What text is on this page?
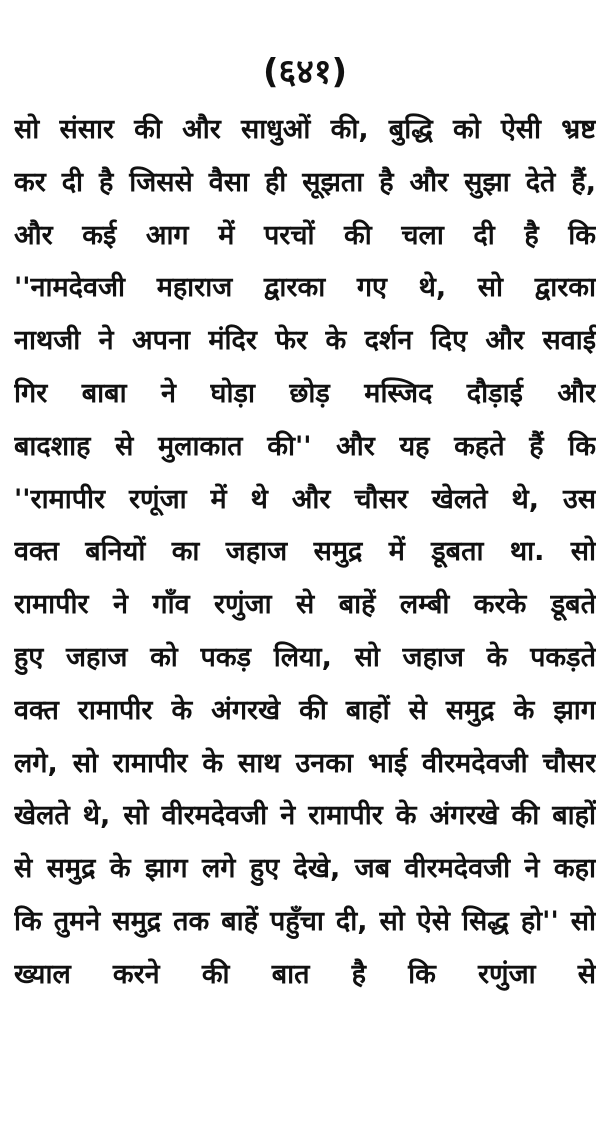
(६४१)
सो संसार की और साधुओं की, बुद्धि को ऐसी भ्रष्ट
कर दी है जिससे वैसा ही सूझता है और सुझा देते हैं,
और कई आग में परचों की चला दी है कि
''नामदेवजी महाराज द्वारका गए थे, सो द्वारका
नाथजी ने अपना मंदिर फेर के दर्शन दिए और सवाई
गिर बाबा ने घोड़ा छोड़ मस्जिद दौड़ाई और
बादशाह से मुलाकात की'' और यह कहते हैं कि
''रामापीर रणूंजा में थे और चौसर खेलते थे, उस
वक्त बनियों का जहाज समुद्र में डूबता था. सो
रामापीर ने गाँव रणुंजा से बाहें लम्बी करके डूबते
हुए जहाज को पकड़ लिया, सो जहाज के पकड़ते
वक्त रामापीर के अंगरखे की बाहों से समुद्र के झाग
लगे, सो रामापीर के साथ उनका भाई वीरमदेवजी चौसर
खेलते थे, सो वीरमदेवजी ने रामापीर के अंगरखे की बाहों
से समुद्र के झाग लगे हुए देखे, जब वीरमदेवजी ने कहा
कि तुमने समुद्र तक बाहें पहुँचा दी, सो ऐसे सिद्ध हो'' सो
ख्याल करने की बात है कि रणुंजा से
